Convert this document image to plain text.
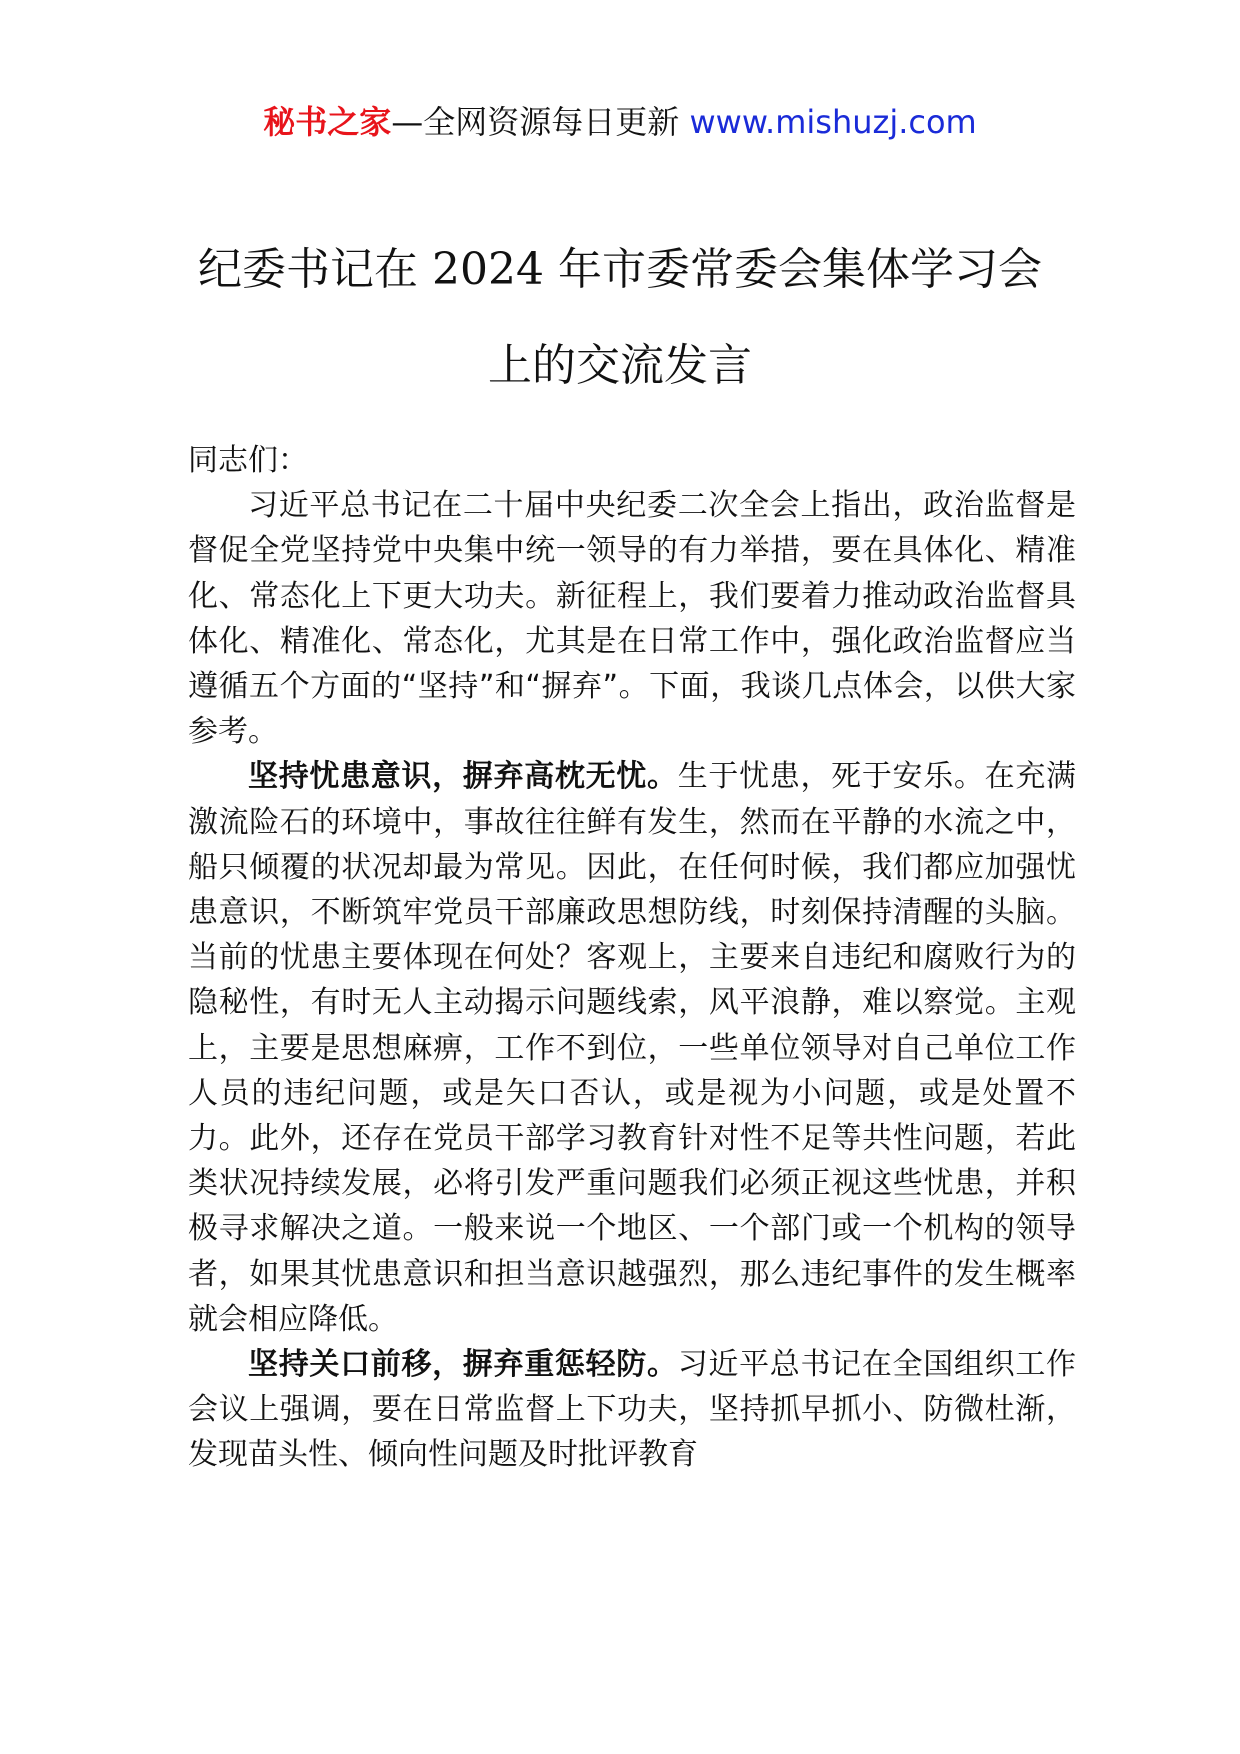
秘书之家—全网资源每日更新 www.mishuzj.com
纪委书记在 2024 年市委常委会集体学习会
上的交流发言

同志们：

习近平总书记在二十届中央纪委二次全会上指出，政治监督是督促全党坚持党中央集中统一领导的有力举措，要在具体化、精准化、常态化上下更大功夫。新征程上，我们要着力推动政治监督具体化、精准化、常态化，尤其是在日常工作中，强化政治监督应当遵循五个方面的“坚持”和“摒弃”。下面，我谈几点体会，以供大家参考。

坚持忧患意识，摒弃高枕无忧。生于忧患，死于安乐。在充满激流险石的环境中，事故往往鲜有发生，然而在平静的水流之中，船只倾覆的状况却最为常见。因此，在任何时候，我们都应加强忧患意识，不断筑牢党员干部廉政思想防线，时刻保持清醒的头脑。当前的忧患主要体现在何处？客观上，主要来自违纪和腐败行为的隐秘性，有时无人主动揭示问题线索，风平浪静，难以察觉。主观上，主要是思想麻痹，工作不到位，一些单位领导对自己单位工作人员的违纪问题，或是矢口否认，或是视为小问题，或是处置不力。此外，还存在党员干部学习教育针对性不足等共性问题，若此类状况持续发展，必将引发严重问题我们必须正视这些忧患，并积极寻求解决之道。一般来说一个地区、一个部门或一个机构的领导者，如果其忧患意识和担当意识越强烈，那么违纪事件的发生概率就会相应降低。

坚持关口前移，摒弃重惩轻防。习近平总书记在全国组织工作会议上强调，要在日常监督上下功夫，坚持抓早抓小、防微杜渐，发现苗头性、倾向性问题及时批评教育
